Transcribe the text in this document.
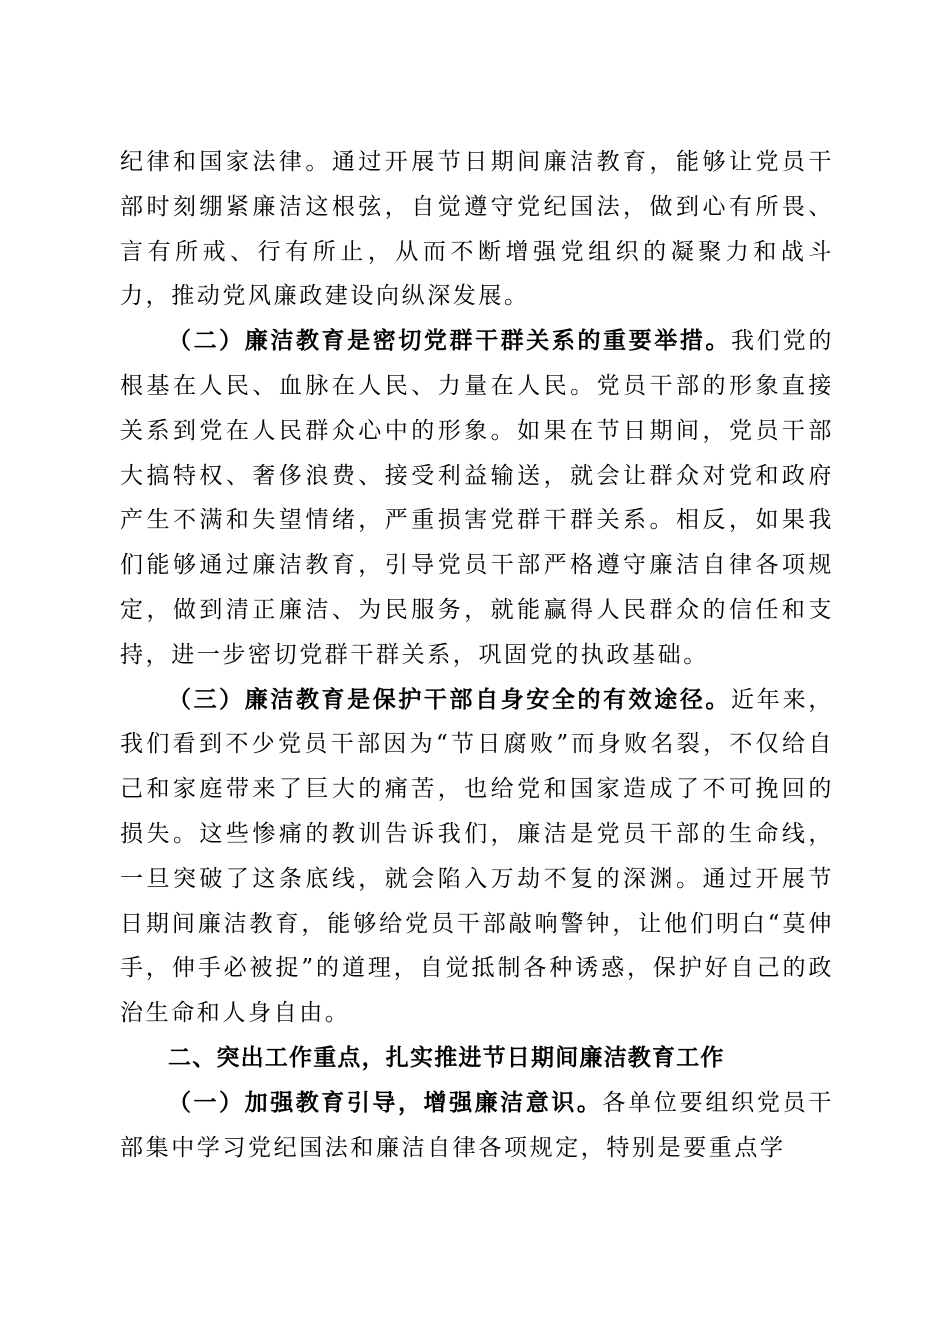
纪律和国家法律。通过开展节日期间廉洁教育，能够让党员干部时刻绷紧廉洁这根弦，自觉遵守党纪国法，做到心有所畏、言有所戒、行有所止，从而不断增强党组织的凝聚力和战斗力，推动党风廉政建设向纵深发展。

（二）廉洁教育是密切党群干群关系的重要举措。我们党的根基在人民、血脉在人民、力量在人民。党员干部的形象直接关系到党在人民群众心中的形象。如果在节日期间，党员干部大搞特权、奢侈浪费、接受利益输送，就会让群众对党和政府产生不满和失望情绪，严重损害党群干群关系。相反，如果我们能够通过廉洁教育，引导党员干部严格遵守廉洁自律各项规定，做到清正廉洁、为民服务，就能赢得人民群众的信任和支持，进一步密切党群干群关系，巩固党的执政基础。

（三）廉洁教育是保护干部自身安全的有效途径。近年来，我们看到不少党员干部因为“节日腐败”而身败名裂，不仅给自己和家庭带来了巨大的痛苦，也给党和国家造成了不可挽回的损失。这些惨痛的教训告诉我们，廉洁是党员干部的生命线，一旦突破了这条底线，就会陷入万劫不复的深渊。通过开展节日期间廉洁教育，能够给党员干部敲响警钟，让他们明白“莫伸手，伸手必被捉”的道理，自觉抵制各种诱惑，保护好自己的政治生命和人身自由。

二、突出工作重点，扎实推进节日期间廉洁教育工作

（一）加强教育引导，增强廉洁意识。各单位要组织党员干部集中学习党纪国法和廉洁自律各项规定，特别是要重点学
